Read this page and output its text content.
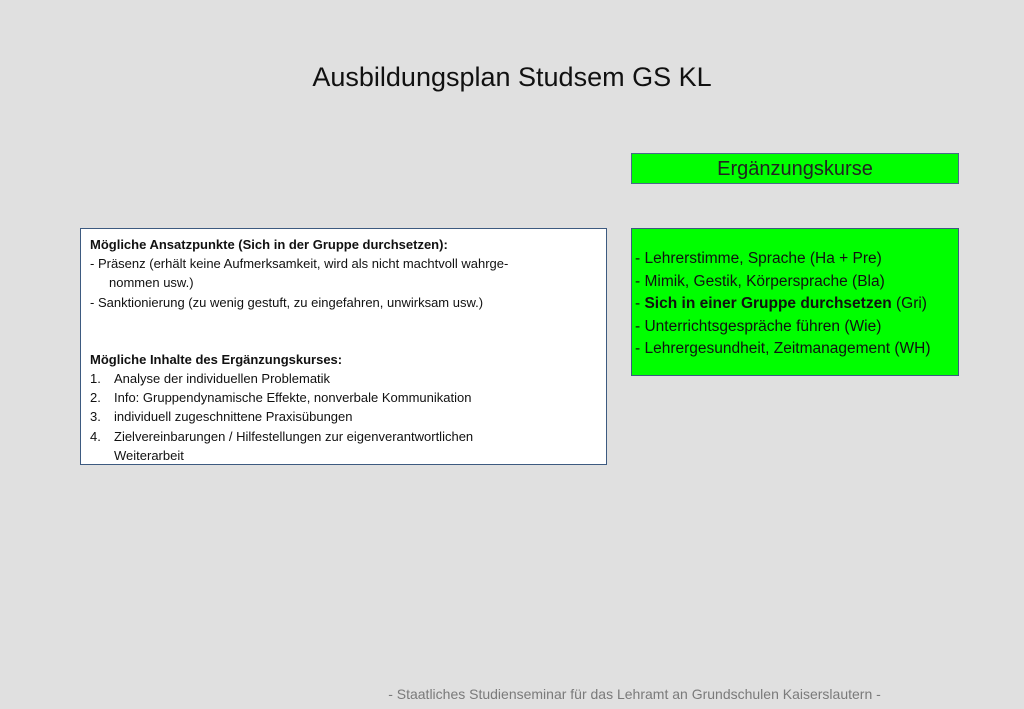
Ausbildungsplan Studsem GS KL
Ergänzungskurse
Mögliche Ansatzpunkte (Sich in der Gruppe durchsetzen):
- Präsenz (erhält keine Aufmerksamkeit, wird als nicht machtvoll wahrge-
nommen usw.)
- Sanktionierung (zu wenig gestuft, zu eingefahren, unwirksam usw.)
Mögliche Inhalte des Ergänzungskurses:
1.	Analyse der individuellen Problematik
2.	Info: Gruppendynamische Effekte, nonverbale Kommunikation
3.	individuell zugeschnittene Praxisübungen
4.	Zielvereinbarungen / Hilfestellungen zur eigenverantwortlichen
Weiterarbeit
- Lehrerstimme, Sprache (Ha + Pre)
- Mimik, Gestik, Körpersprache (Bla)
- Sich in einer Gruppe durchsetzen (Gri)
- Unterrichtsgespräche führen (Wie)
- Lehrergesundheit, Zeitmanagement (WH)
- Staatliches Studienseminar für das Lehramt an Grundschulen Kaiserslautern -
